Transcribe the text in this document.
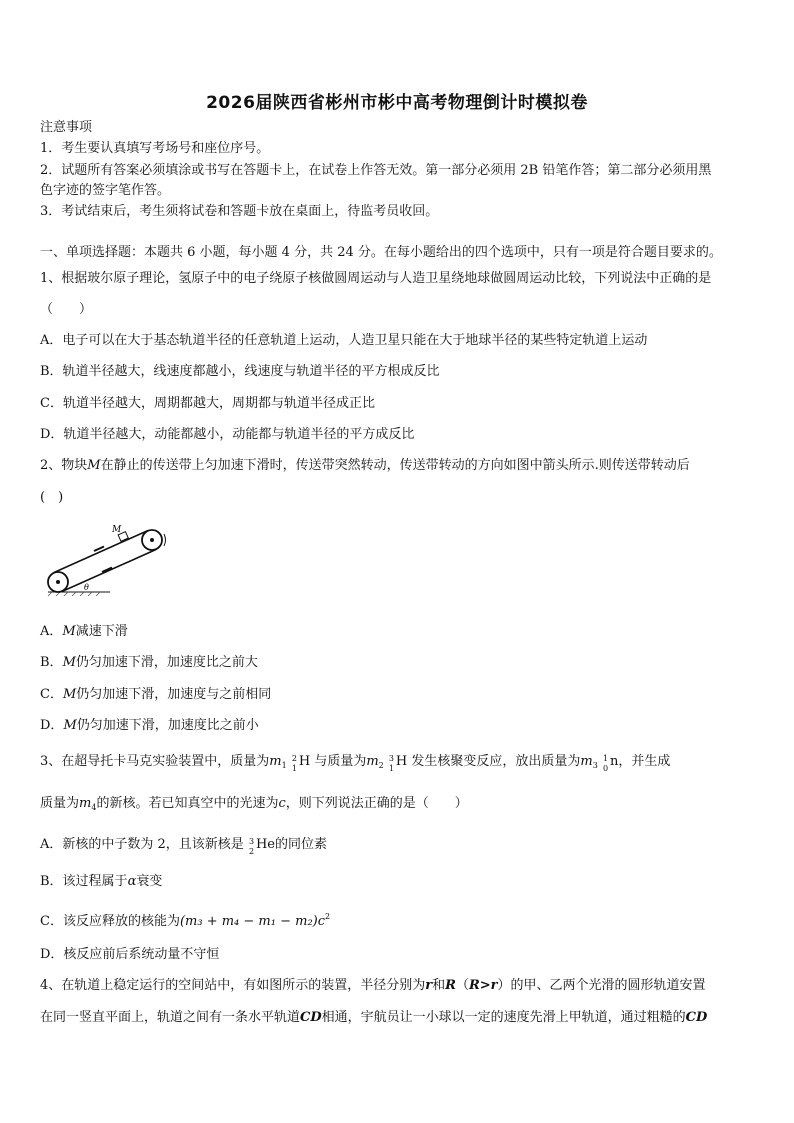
2026届陕西省彬州市彬中高考物理倒计时模拟卷
注意事项
1．考生要认真填写考场号和座位序号。
2．试题所有答案必须填涂或书写在答题卡上，在试卷上作答无效。第一部分必须用 2B 铅笔作答；第二部分必须用黑
色字迹的签字笔作答。
3．考试结束后，考生须将试卷和答题卡放在桌面上，待监考员收回。
一、单项选择题：本题共 6 小题，每小题 4 分，共 24 分。在每小题给出的四个选项中，只有一项是符合题目要求的。
1、根据玻尔原子理论，氢原子中的电子绕原子核做圆周运动与人造卫星绕地球做圆周运动比较，下列说法中正确的是
（　　）
A．电子可以在大于基态轨道半径的任意轨道上运动，人造卫星只能在大于地球半径的某些特定轨道上运动
B．轨道半径越大，线速度都越小，线速度与轨道半径的平方根成反比
C．轨道半径越大，周期都越大，周期都与轨道半径成正比
D．轨道半径越大，动能都越小，动能都与轨道半径的平方成反比
2、物块M在静止的传送带上匀加速下滑时，传送带突然转动，传送带转动的方向如图中箭头所示.则传送带转动后
(　)
M
θ
A．M减速下滑
B．M仍匀加速下滑，加速度比之前大
C．M仍匀加速下滑，加速度与之前相同
D．M仍匀加速下滑，加速度比之前小
3、在超导托卡马克实验装置中，质量为$m_1$
2
1 H 与质量为$m_2$
3
1 H 发生核聚变反应，放出质量为$m_3$
1
0 n，并生成
质量为$m_4$的新核。若已知真空中的光速为c，则下列说法正确的是（　　）
A．新核的中子数为 2，且该新核是 3
2 He的同位素
B．该过程属于α衰变
C．该反应释放的核能为$(m_3 + m_4 - m_1 - m_2)c^2$
D．核反应前后系统动量不守恒
4、在轨道上稳定运行的空间站中，有如图所示的装置，半径分别为r和R（R>r）的甲、乙两个光滑的圆形轨道安置
在同一竖直平面上，轨道之间有一条水平轨道CD相通，宇航员让一小球以一定的速度先滑上甲轨道，通过粗糙的CD
